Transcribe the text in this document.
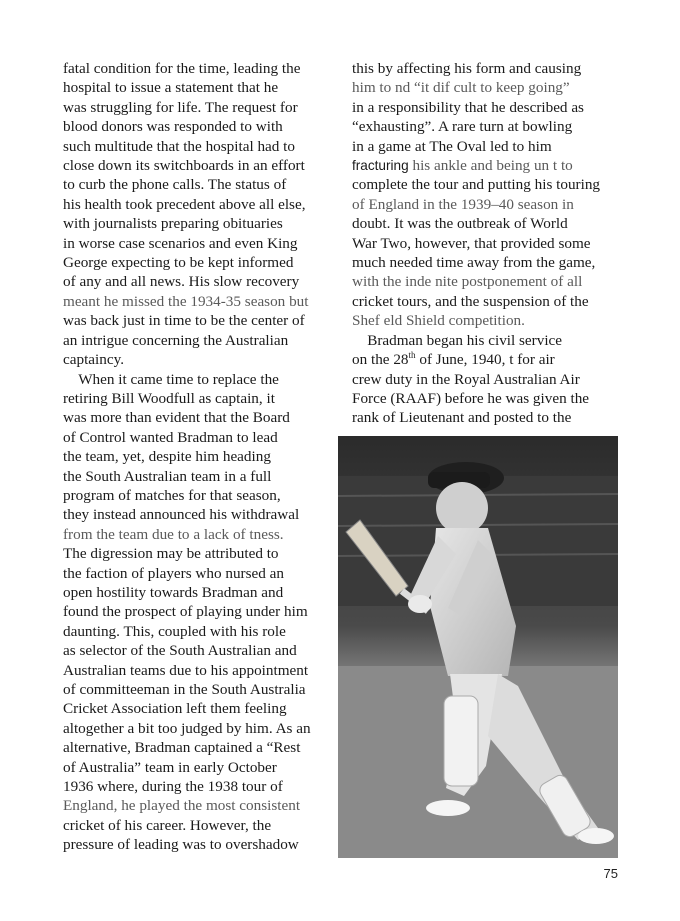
fatal condition for the time, leading the
hospital to issue a statement that he
was struggling for life. The request for
blood donors was responded to with
such multitude that the hospital had to
close down its switchboards in an effort
to curb the phone calls. The status of
his health took precedent above all else,
with journalists preparing obituaries
in worse case scenarios and even King
George expecting to be kept informed
of any and all news. His slow recovery
meant he missed the 1934-35 season but
was back just in time to be the center of
an intrigue concerning the Australian
captaincy.
 When it came time to replace the
retiring Bill Woodfull as captain, it
was more than evident that the Board
of Control wanted Bradman to lead
the team, yet, despite him heading
the South Australian team in a full
program of matches for that season,
they instead announced his withdrawal
from the team due to a lack of tness.
The digression may be attributed to
the faction of players who nursed an
open hostility towards Bradman and
found the prospect of playing under him
daunting. This, coupled with his role
as selector of the South Australian and
Australian teams due to his appointment
of committeeman in the South Australia
Cricket Association left them feeling
altogether a bit too judged by him. As an
alternative, Bradman captained a “Rest
of Australia” team in early October
1936 where, during the 1938 tour of
England, he played the most consistent
cricket of his career. However, the
pressure of leading was to overshadow
this by affecting his form and causing
him to nd “it dif cult to keep going”
in a responsibility that he described as
“exhausting”. A rare turn at bowling
in a game at The Oval led to him
fracturing his ankle and being un t to
complete the tour and putting his touring
of England in the 1939–40 season in
doubt. It was the outbreak of World
War Two, however, that provided some
much needed time away from the game,
with the inde nite postponement of all
cricket tours, and the suspension of the
Shef eld Shield competition.
 Bradman began his civil service
on the 28th of June, 1940, t for air
crew duty in the Royal Australian Air
Force (RAAF) before he was given the
rank of Lieutenant and posted to the
75
